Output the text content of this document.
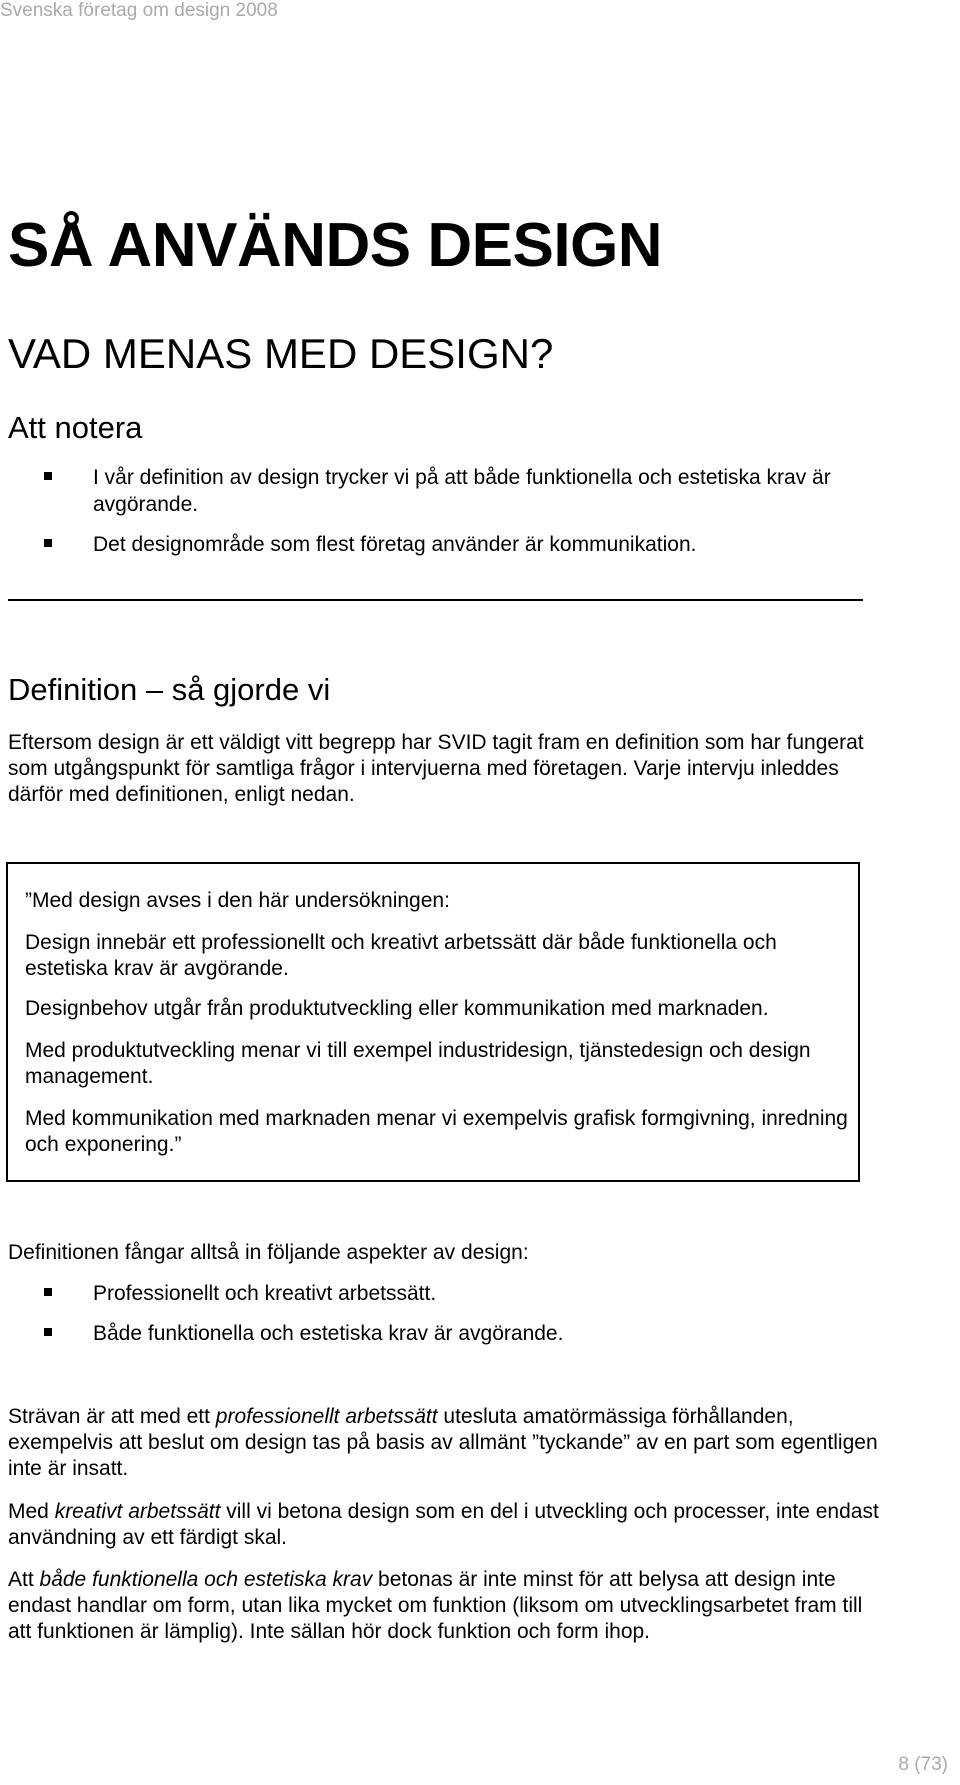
Svenska företag om design 2008
SÅ ANVÄNDS DESIGN
VAD MENAS MED DESIGN?
Att notera
I vår definition av design trycker vi på att både funktionella och estetiska krav är avgörande.
Det designområde som flest företag använder är kommunikation.
Definition – så gjorde vi

Eftersom design är ett väldigt vitt begrepp har SVID tagit fram en definition som har fungerat som utgångspunkt för samtliga frågor i intervjuerna med företagen. Varje intervju inleddes därför med definitionen, enligt nedan.

”Med design avses i den här undersökningen:

Design innebär ett professionellt och kreativt arbetssätt där både funktionella och estetiska krav är avgörande.

Designbehov utgår från produktutveckling eller kommunikation med marknaden.

Med produktutveckling menar vi till exempel industridesign, tjänstedesign och design management.

Med kommunikation med marknaden menar vi exempelvis grafisk formgivning, inredning och exponering.”

Definitionen fångar alltså in följande aspekter av design:

Professionellt och kreativt arbetssätt.
Både funktionella och estetiska krav är avgörande.

Strävan är att med ett professionellt arbetssätt utesluta amatörmässiga förhållanden, exempelvis att beslut om design tas på basis av allmänt ”tyckande” av en part som egentligen inte är insatt.

Med kreativt arbetssätt vill vi betona design som en del i utveckling och processer, inte endast användning av ett färdigt skal.

Att både funktionella och estetiska krav betonas är inte minst för att belysa att design inte endast handlar om form, utan lika mycket om funktion (liksom om utvecklingsarbetet fram till att funktionen är lämplig). Inte sällan hör dock funktion och form ihop.

8 (73)
